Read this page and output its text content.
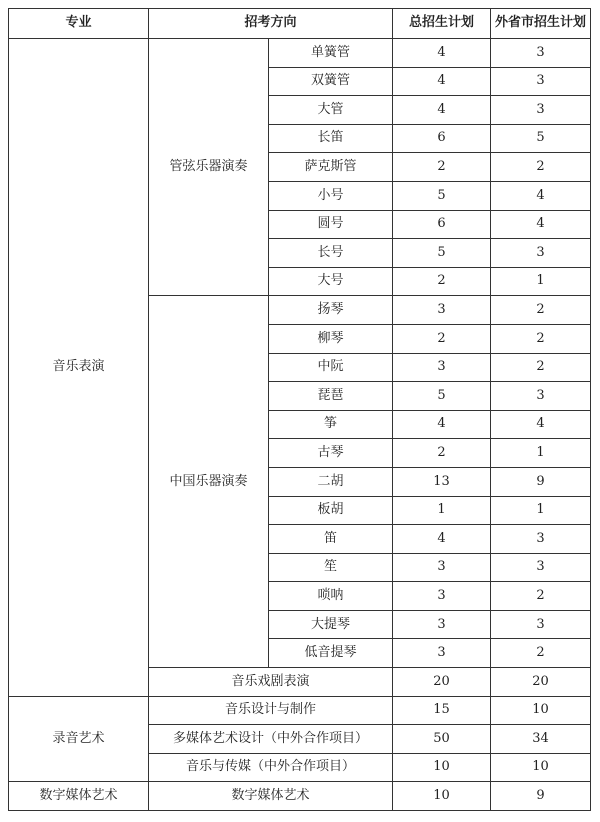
专业	招考方向		总招生计划	外省市招生计划
音乐表演	管弦乐器演奏	单簧管	4	3
		双簧管	4	3
		大管	4	3
		长笛	6	5
		萨克斯管	2	2
		小号	5	4
		圆号	6	4
		长号	5	3
		大号	2	1
	中国乐器演奏	扬琴	3	2
		柳琴	2	2
		中阮	3	2
		琵琶	5	3
		筝	4	4
		古琴	2	1
		二胡	13	9
		板胡	1	1
		笛	4	3
		笙	3	3
		唢呐	3	2
		大提琴	3	3
		低音提琴	3	2
	音乐戏剧表演		20	20
录音艺术	音乐设计与制作		15	10
	多媒体艺术设计（中外合作项目）		50	34
	音乐与传媒（中外合作项目）		10	10
数字媒体艺术	数字媒体艺术		10	9
